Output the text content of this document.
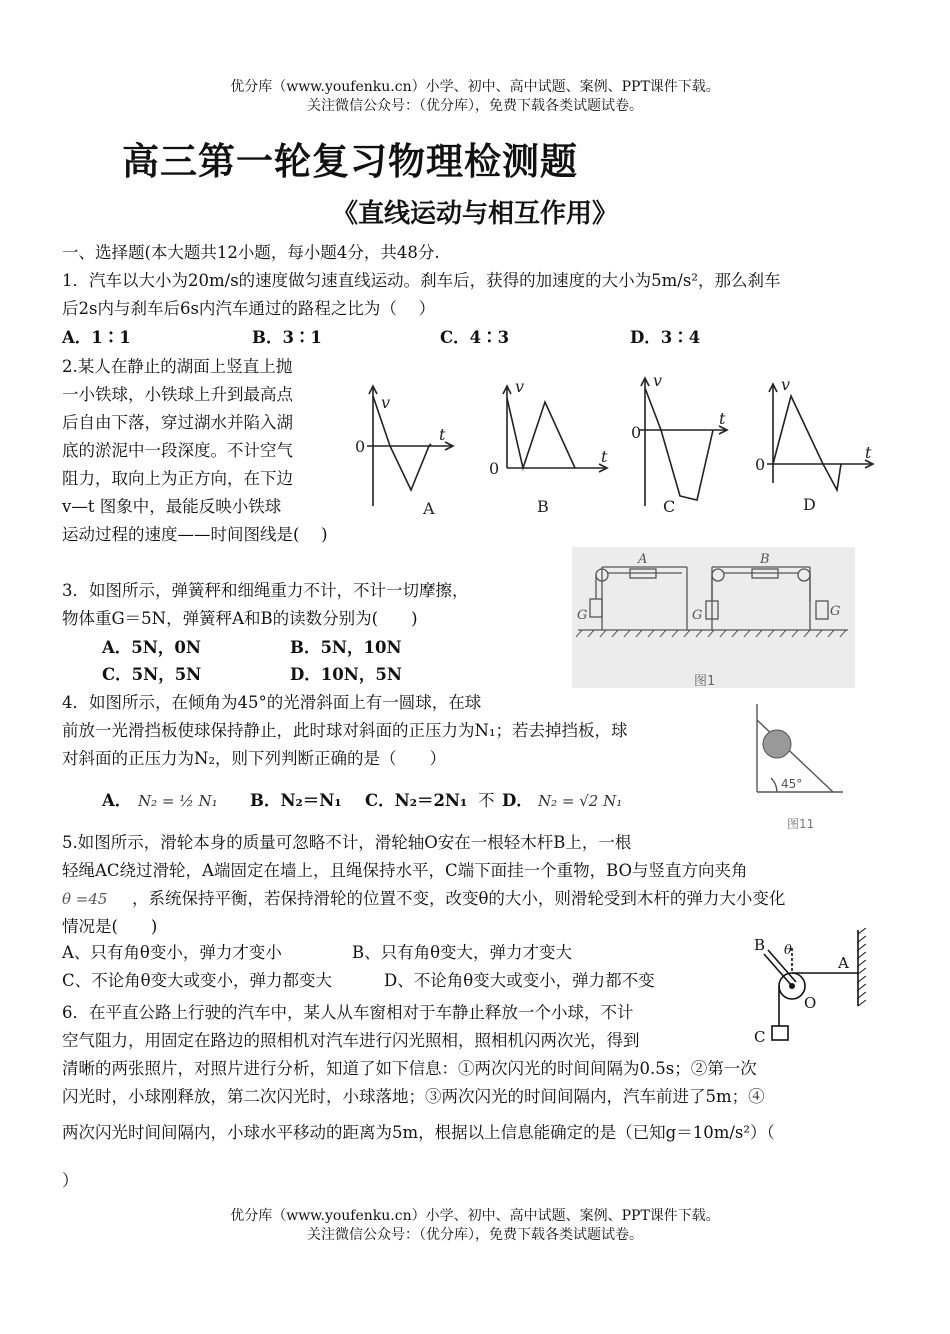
优分库（www.youfenku.cn）小学、初中、高中试题、案例、PPT课件下载。
关注微信公众号：（优分库），免费下载各类试题试卷。
高三第一轮复习物理检测题
《直线运动与相互作用》
一、选择题(本大题共12小题，每小题4分，共48分.
1．汽车以大小为20m/s的速度做匀速直线运动。刹车后，获得的加速度的大小为5m/s²，那么刹车
后2s内与刹车后6s内汽车通过的路程之比为（　 ）
A．1∶1	B．3∶1	C．4∶3	D．3∶4
2.某人在静止的湖面上竖直上抛
一小铁球，小铁球上升到最高点
后自由下落，穿过湖水并陷入湖
底的淤泥中一段深度。不计空气
阻力，取向上为正方向，在下边
v—t 图象中，最能反映小铁球
运动过程的速度——时间图线是(　 )
v
t
0
A
v
t
0
B
v
t
0
C
v
t
0
D
3．如图所示，弹簧秤和细绳重力不计，不计一切摩擦，
物体重G＝5N，弹簧秤A和B的读数分别为(　　)
A．5N，0N	B．5N，10N
C．5N，5N	D．10N，5N
A	B
G	G	G
图1
4．如图所示，在倾角为45°的光滑斜面上有一圆球，在球
前放一光滑挡板使球保持静止，此时球对斜面的正压力为N₁；若去掉挡板，球
对斜面的正压力为N₂，则下列判断正确的是（　　）
A． N₂ = ½ N₁ B．N₂＝N₁ C．N₂＝2N₁ 不 D． N₂ = √2 N₁
45°
图11
5.如图所示，滑轮本身的质量可忽略不计，滑轮轴O安在一根轻木杆B上，一根
轻绳AC绕过滑轮，A端固定在墙上，且绳保持水平，C端下面挂一个重物，BO与竖直方向夹角
θ =45 ，系统保持平衡，若保持滑轮的位置不变，改变θ的大小，则滑轮受到木杆的弹力大小变化
情况是(　　)
A、只有角θ变小，弹力才变小	B、只有角θ变大，弹力才变大
C、不论角θ变大或变小，弹力都变大	D、不论角θ变大或变小，弹力都不变
B θ
A
O
C
6．在平直公路上行驶的汽车中，某人从车窗相对于车静止释放一个小球，不计
空气阻力，用固定在路边的照相机对汽车进行闪光照相，照相机闪两次光，得到
清晰的两张照片，对照片进行分析，知道了如下信息：①两次闪光的时间间隔为0.5s；②第一次
闪光时，小球刚释放，第二次闪光时，小球落地；③两次闪光的时间间隔内，汽车前进了5m；④
两次闪光时间间隔内，小球水平移动的距离为5m，根据以上信息能确定的是（已知g＝10m/s²）（
）
优分库（www.youfenku.cn）小学、初中、高中试题、案例、PPT课件下载。
关注微信公众号：（优分库），免费下载各类试题试卷。
